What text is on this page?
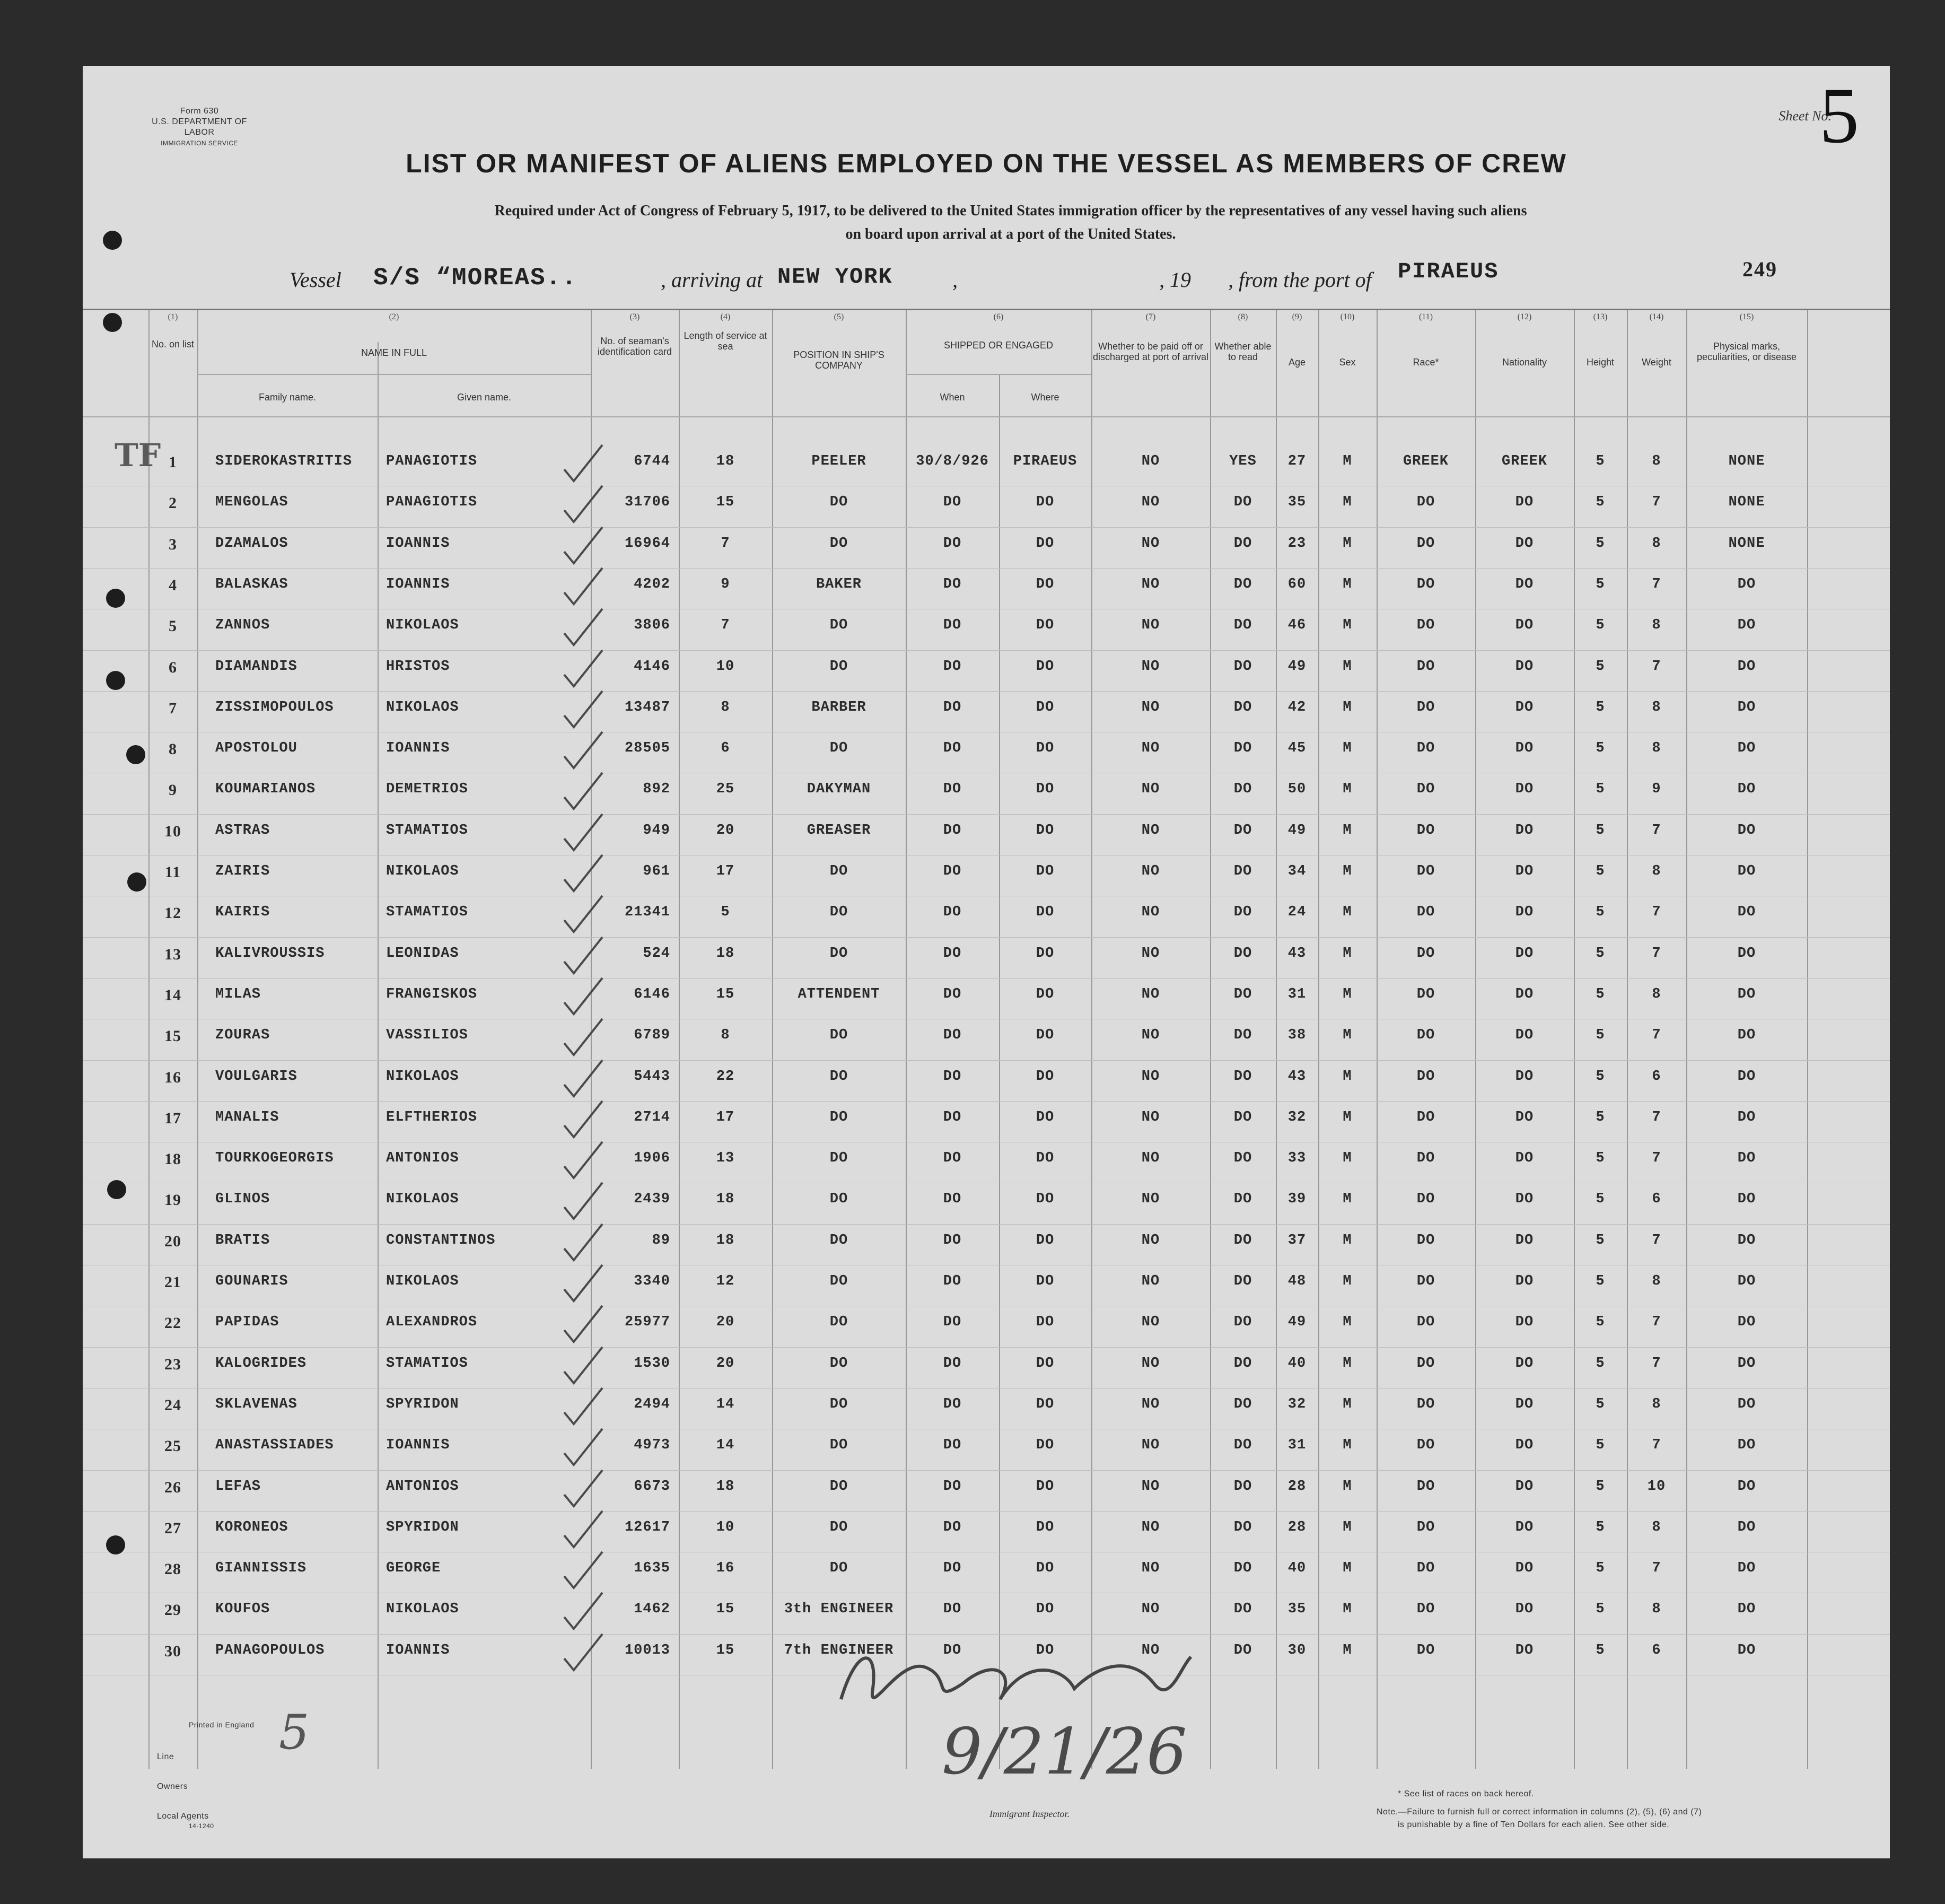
Form 630
U.S. DEPARTMENT OF LABOR
IMMIGRATION SERVICE
Sheet No.
5
LIST OR MANIFEST OF ALIENS EMPLOYED ON THE VESSEL AS MEMBERS OF CREW
Required under Act of Congress of February 5, 1917, to be delivered to the United States immigration officer by the representatives of any vessel having such aliens
on board upon arrival at a port of the United States.
Vessel S/S “MOREAS..	, arriving at NEW YORK	,	, 19 , from the port of PIRAEUS	249
(1)
No. on list
(2)
NAME IN FULL
Family name.	Given name.
(3)
No. of seaman's identification card
(4)
Length of service at sea
(5)
POSITION IN SHIP'S COMPANY
(6)
SHIPPED OR ENGAGED
When	Where
(7)
Whether to be paid off or discharged at port of arrival
(8)
Whether able to read
(9)
Age
(10)
Sex
(11)
Race*
(12)
Nationality
(13)
Height
(14)
Weight
(15)
Physical marks, peculiarities, or disease
1	SIDEROKASTRITIS	PANAGIOTIS	6744	18	PEELER	30/8/926	PIRAEUS	NO	YES	27	M	GREEK	GREEK	5	8	NONE
2	MENGOLAS	PANAGIOTIS	31706	15	DO	DO	DO	NO	DO	35	M	DO	DO	5	7	NONE
3	DZAMALOS	IOANNIS	16964	7	DO	DO	DO	NO	DO	23	M	DO	DO	5	8	NONE
4	BALASKAS	IOANNIS	4202	9	BAKER	DO	DO	NO	DO	60	M	DO	DO	5	7	DO
5	ZANNOS	NIKOLAOS	3806	7	DO	DO	DO	NO	DO	46	M	DO	DO	5	8	DO
6	DIAMANDIS	HRISTOS	4146	10	DO	DO	DO	NO	DO	49	M	DO	DO	5	7	DO
7	ZISSIMOPOULOS	NIKOLAOS	13487	8	BARBER	DO	DO	NO	DO	42	M	DO	DO	5	8	DO
8	APOSTOLOU	IOANNIS	28505	6	DO	DO	DO	NO	DO	45	M	DO	DO	5	8	DO
9	KOUMARIANOS	DEMETRIOS	892	25	DAKYMAN	DO	DO	NO	DO	50	M	DO	DO	5	9	DO
10	ASTRAS	STAMATIOS	949	20	GREASER	DO	DO	NO	DO	49	M	DO	DO	5	7	DO
11	ZAIRIS	NIKOLAOS	961	17	DO	DO	DO	NO	DO	34	M	DO	DO	5	8	DO
12	KAIRIS	STAMATIOS	21341	5	DO	DO	DO	NO	DO	24	M	DO	DO	5	7	DO
13	KALIVROUSSIS	LEONIDAS	524	18	DO	DO	DO	NO	DO	43	M	DO	DO	5	7	DO
14	MILAS	FRANGISKOS	6146	15	ATTENDENT	DO	DO	NO	DO	31	M	DO	DO	5	8	DO
15	ZOURAS	VASSILIOS	6789	8	DO	DO	DO	NO	DO	38	M	DO	DO	5	7	DO
16	VOULGARIS	NIKOLAOS	5443	22	DO	DO	DO	NO	DO	43	M	DO	DO	5	6	DO
17	MANALIS	ELFTHERIOS	2714	17	DO	DO	DO	NO	DO	32	M	DO	DO	5	7	DO
18	TOURKOGEORGIS	ANTONIOS	1906	13	DO	DO	DO	NO	DO	33	M	DO	DO	5	7	DO
19	GLINOS	NIKOLAOS	2439	18	DO	DO	DO	NO	DO	39	M	DO	DO	5	6	DO
20	BRATIS	CONSTANTINOS	89	18	DO	DO	DO	NO	DO	37	M	DO	DO	5	7	DO
21	GOUNARIS	NIKOLAOS	3340	12	DO	DO	DO	NO	DO	48	M	DO	DO	5	8	DO
22	PAPIDAS	ALEXANDROS	25977	20	DO	DO	DO	NO	DO	49	M	DO	DO	5	7	DO
23	KALOGRIDES	STAMATIOS	1530	20	DO	DO	DO	NO	DO	40	M	DO	DO	5	7	DO
24	SKLAVENAS	SPYRIDON	2494	14	DO	DO	DO	NO	DO	32	M	DO	DO	5	8	DO
25	ANASTASSIADES	IOANNIS	4973	14	DO	DO	DO	NO	DO	31	M	DO	DO	5	7	DO
26	LEFAS	ANTONIOS	6673	18	DO	DO	DO	NO	DO	28	M	DO	DO	5	10	DO
27	KORONEOS	SPYRIDON	12617	10	DO	DO	DO	NO	DO	28	M	DO	DO	5	8	DO
28	GIANNISSIS	GEORGE	1635	16	DO	DO	DO	NO	DO	40	M	DO	DO	5	7	DO
29	KOUFOS	NIKOLAOS	1462	15	3th ENGINEER	DO	DO	NO	DO	35	M	DO	DO	5	8	DO
30	PANAGOPOULOS	IOANNIS	10013	15	7th ENGINEER	DO	DO	NO	DO	30	M	DO	DO	5	6	DO
Printed in England
Line
Owners
Local Agents
14-1240
Immigrant Inspector.
* See list of races on back hereof.
Note.—Failure to furnish full or correct information in columns (2), (5), (6) and (7)
is punishable by a fine of Ten Dollars for each alien. See other side.
TF
5	9/21/26
